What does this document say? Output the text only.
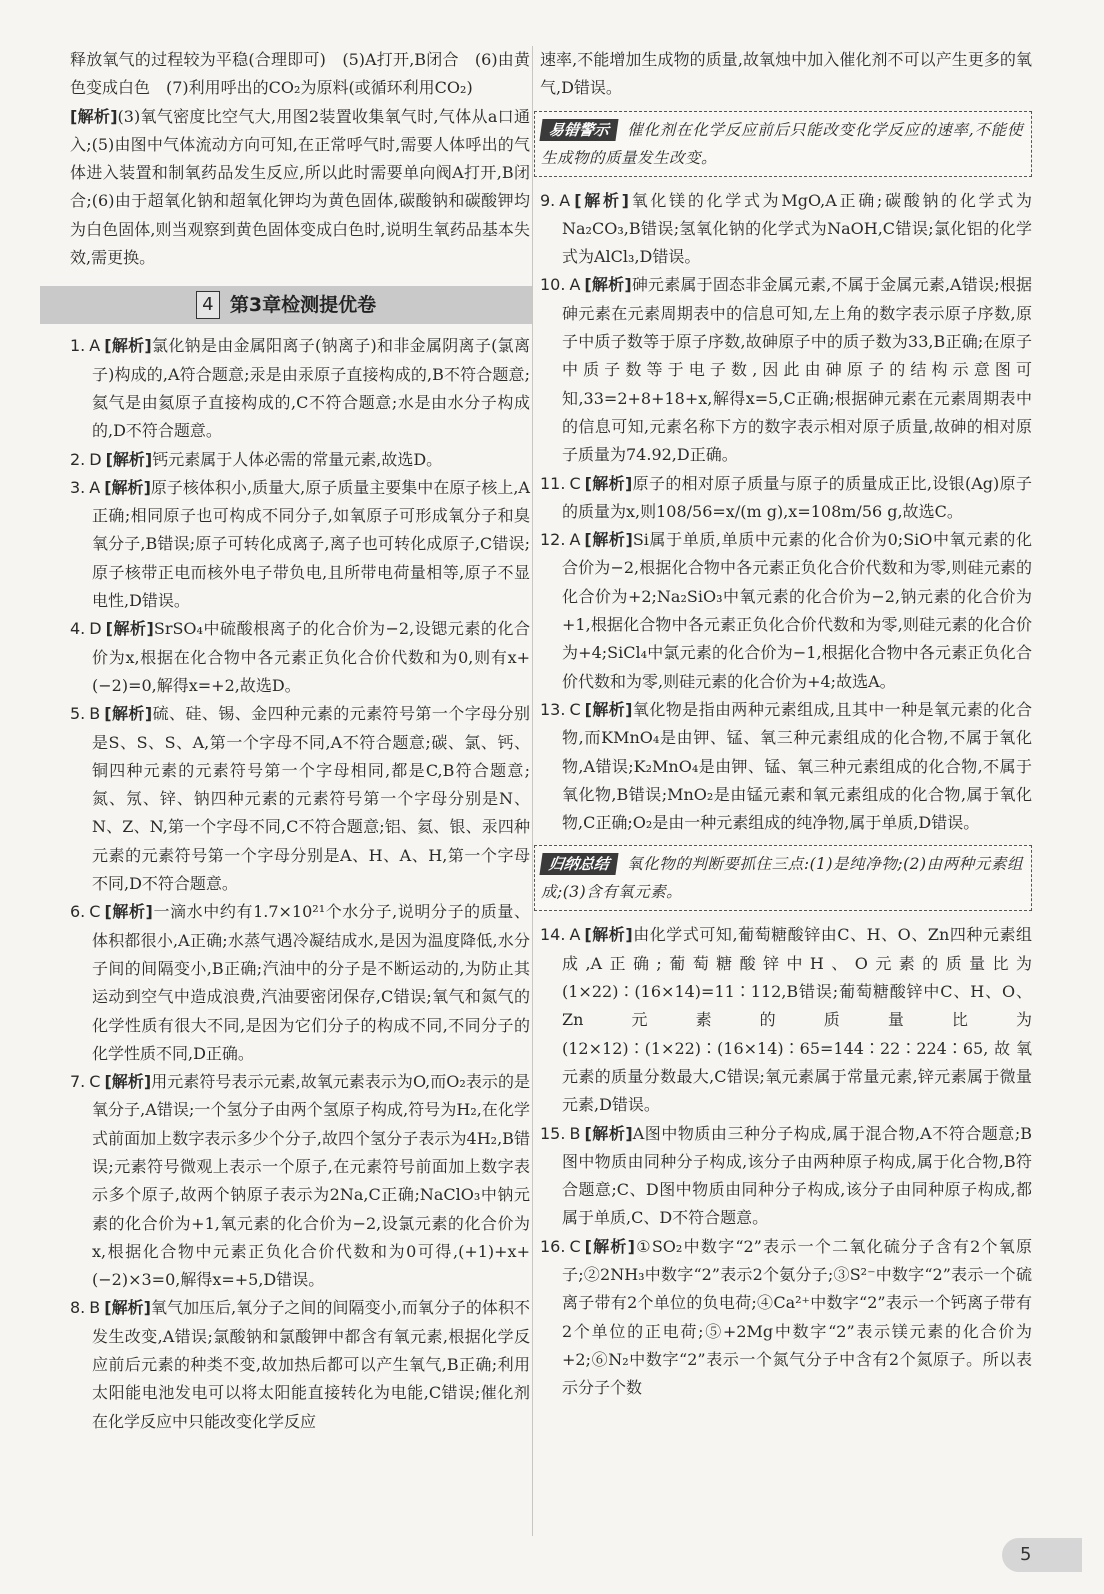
释放氧气的过程较为平稳(合理即可)　(5)A打开,B闭合　(6)由黄色变成白色　(7)利用呼出的CO₂为原料(或循环利用CO₂)

[解析](3)氧气密度比空气大,用图2装置收集氧气时,气体从a口通入;(5)由图中气体流动方向可知,在正常呼气时,需要人体呼出的气体进入装置和制氧药品发生反应,所以此时需要单向阀A打开,B闭合;(6)由于超氧化钠和超氧化钾均为黄色固体,碳酸钠和碳酸钾均为白色固体,则当观察到黄色固体变成白色时,说明生氧药品基本失效,需更换。

4 第3章检测提优卷

1. A [解析]氯化钠是由金属阳离子(钠离子)和非金属阴离子(氯离子)构成的,A符合题意;汞是由汞原子直接构成的,B不符合题意;氦气是由氦原子直接构成的,C不符合题意;水是由水分子构成的,D不符合题意。

2. D [解析]钙元素属于人体必需的常量元素,故选D。

3. A [解析]原子核体积小,质量大,原子质量主要集中在原子核上,A正确;相同原子也可构成不同分子,如氧原子可形成氧分子和臭氧分子,B错误;原子可转化成离子,离子也可转化成原子,C错误;原子核带正电而核外电子带负电,且所带电荷量相等,原子不显电性,D错误。

4. D [解析]SrSO₄中硫酸根离子的化合价为−2,设锶元素的化合价为x,根据在化合物中各元素正负化合价代数和为0,则有x+(−2)=0,解得x=+2,故选D。

5. B [解析]硫、硅、锡、金四种元素的元素符号第一个字母分别是S、S、S、A,第一个字母不同,A不符合题意;碳、氯、钙、铜四种元素的元素符号第一个字母相同,都是C,B符合题意;氮、氖、锌、钠四种元素的元素符号第一个字母分别是N、N、Z、N,第一个字母不同,C不符合题意;铝、氦、银、汞四种元素的元素符号第一个字母分别是A、H、A、H,第一个字母不同,D不符合题意。

6. C [解析]一滴水中约有1.7×10²¹个水分子,说明分子的质量、体积都很小,A正确;水蒸气遇冷凝结成水,是因为温度降低,水分子间的间隔变小,B正确;汽油中的分子是不断运动的,为防止其运动到空气中造成浪费,汽油要密闭保存,C错误;氧气和氮气的化学性质有很大不同,是因为它们分子的构成不同,不同分子的化学性质不同,D正确。

7. C [解析]用元素符号表示元素,故氧元素表示为O,而O₂表示的是氧分子,A错误;一个氢分子由两个氢原子构成,符号为H₂,在化学式前面加上数字表示多少个分子,故四个氢分子表示为4H₂,B错误;元素符号微观上表示一个原子,在元素符号前面加上数字表示多个原子,故两个钠原子表示为2Na,C正确;NaClO₃中钠元素的化合价为+1,氧元素的化合价为−2,设氯元素的化合价为x,根据化合物中元素正负化合价代数和为0可得,(+1)+x+(−2)×3=0,解得x=+5,D错误。

8. B [解析]氧气加压后,氧分子之间的间隔变小,而氧分子的体积不发生改变,A错误;氯酸钠和氯酸钾中都含有氧元素,根据化学反应前后元素的种类不变,故加热后都可以产生氧气,B正确;利用太阳能电池发电可以将太阳能直接转化为电能,C错误;催化剂在化学反应中只能改变化学反应

速率,不能增加生成物的质量,故氧烛中加入催化剂不可以产生更多的氧气,D错误。

易错警示 催化剂在化学反应前后只能改变化学反应的速率,不能使生成物的质量发生改变。

9. A [解析]氧化镁的化学式为MgO,A正确;碳酸钠的化学式为Na₂CO₃,B错误;氢氧化钠的化学式为NaOH,C错误;氯化铝的化学式为AlCl₃,D错误。

10. A [解析]砷元素属于固态非金属元素,不属于金属元素,A错误;根据砷元素在元素周期表中的信息可知,左上角的数字表示原子序数,原子中质子数等于原子序数,故砷原子中的质子数为33,B正确;在原子中质子数等于电子数,因此由砷原子的结构示意图可知,33=2+8+18+x,解得x=5,C正确;根据砷元素在元素周期表中的信息可知,元素名称下方的数字表示相对原子质量,故砷的相对原子质量为74.92,D正确。

11. C [解析]原子的相对原子质量与原子的质量成正比,设银(Ag)原子的质量为x,则108/56=x/(m g),x=108m/56 g,故选C。

12. A [解析]Si属于单质,单质中元素的化合价为0;SiO中氧元素的化合价为−2,根据化合物中各元素正负化合价代数和为零,则硅元素的化合价为+2;Na₂SiO₃中氧元素的化合价为−2,钠元素的化合价为+1,根据化合物中各元素正负化合价代数和为零,则硅元素的化合价为+4;SiCl₄中氯元素的化合价为−1,根据化合物中各元素正负化合价代数和为零,则硅元素的化合价为+4;故选A。

13. C [解析]氧化物是指由两种元素组成,且其中一种是氧元素的化合物,而KMnO₄是由钾、锰、氧三种元素组成的化合物,不属于氧化物,A错误;K₂MnO₄是由钾、锰、氧三种元素组成的化合物,不属于氧化物,B错误;MnO₂是由锰元素和氧元素组成的化合物,属于氧化物,C正确;O₂是由一种元素组成的纯净物,属于单质,D错误。

归纳总结 氧化物的判断要抓住三点:(1)是纯净物;(2)由两种元素组成;(3)含有氧元素。

14. A [解析]由化学式可知,葡萄糖酸锌由C、H、O、Zn四种元素组成,A正确;葡萄糖酸锌中H、O元素的质量比为(1×22)∶(16×14)=11∶112,B错误;葡萄糖酸锌中C、H、O、Zn元素的质量比为(12×12)∶(1×22)∶(16×14)∶65=144∶22∶224∶65,故氧元素的质量分数最大,C错误;氧元素属于常量元素,锌元素属于微量元素,D错误。

15. B [解析]A图中物质由三种分子构成,属于混合物,A不符合题意;B图中物质由同种分子构成,该分子由两种原子构成,属于化合物,B符合题意;C、D图中物质由同种分子构成,该分子由同种原子构成,都属于单质,C、D不符合题意。

16. C [解析]①SO₂中数字“2”表示一个二氧化硫分子含有2个氧原子;②2NH₃中数字“2”表示2个氨分子;③S²⁻中数字“2”表示一个硫离子带有2个单位的负电荷;④Ca²⁺中数字“2”表示一个钙离子带有2个单位的正电荷;⑤+2Mg中数字“2”表示镁元素的化合价为+2;⑥N₂中数字“2”表示一个氮气分子中含有2个氮原子。所以表示分子个数

5
